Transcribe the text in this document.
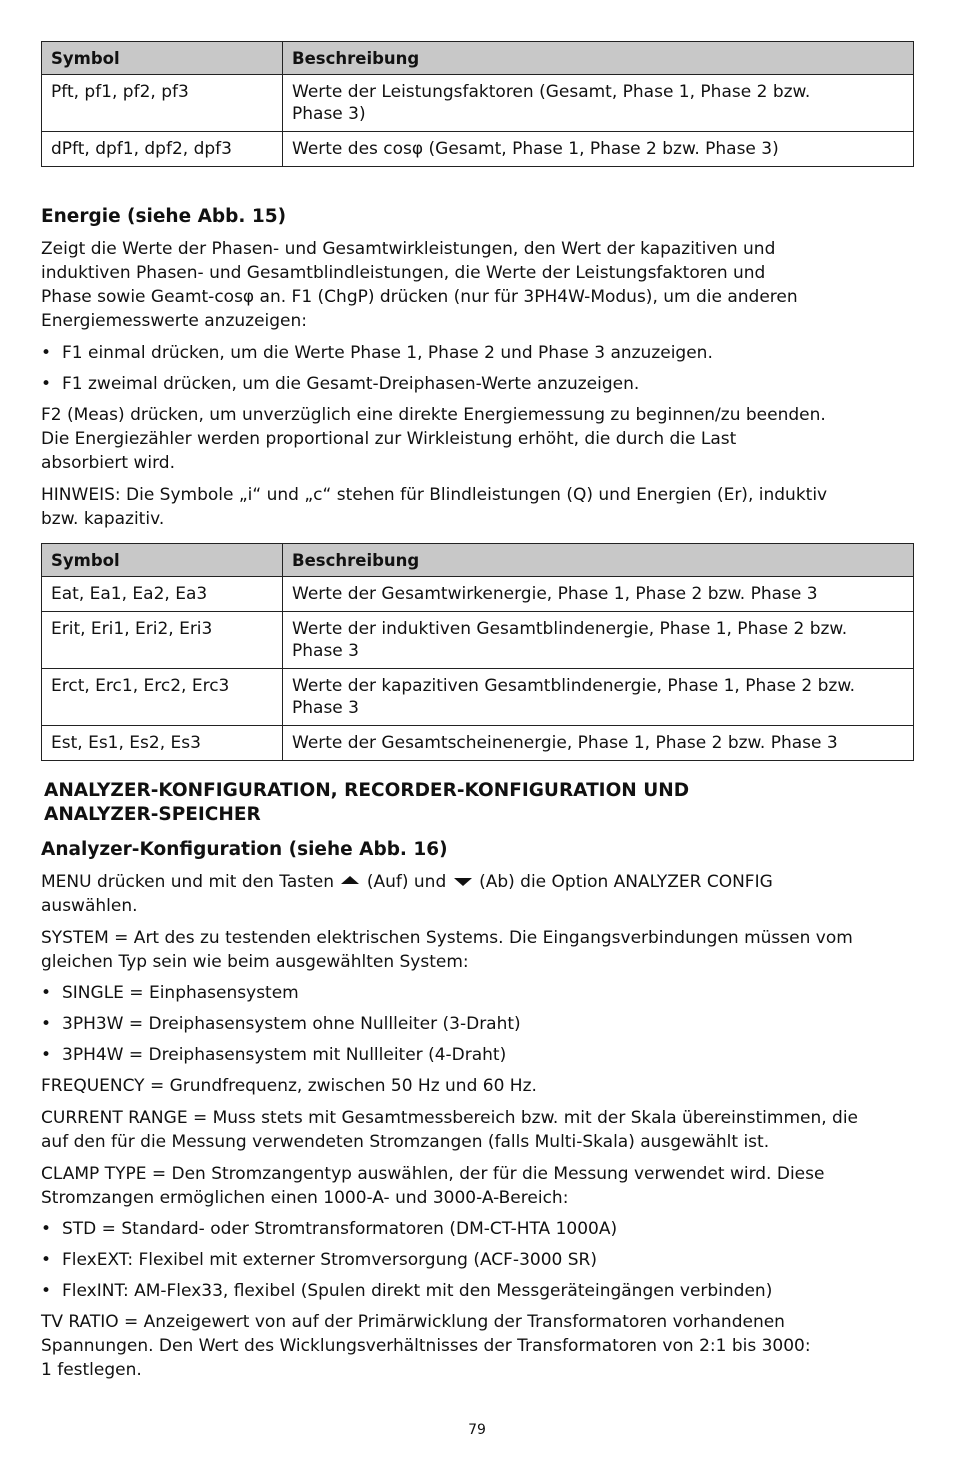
Symbol	Beschreibung
Pft, pf1, pf2, pf3	Werte der Leistungsfaktoren (Gesamt, Phase 1, Phase 2 bzw.
Phase 3)
dPft, dpf1, dpf2, dpf3	Werte des cosφ (Gesamt, Phase 1, Phase 2 bzw. Phase 3)

Energie (siehe Abb. 15)

Zeigt die Werte der Phasen- und Gesamtwirkleistungen, den Wert der kapazitiven und
induktiven Phasen- und Gesamtblindleistungen, die Werte der Leistungsfaktoren und
Phase sowie Geamt-cosφ an. F1 (ChgP) drücken (nur für 3PH4W-Modus), um die anderen
Energiemesswerte anzuzeigen:

• F1 einmal drücken, um die Werte Phase 1, Phase 2 und Phase 3 anzuzeigen.
• F1 zweimal drücken, um die Gesamt-Dreiphasen-Werte anzuzeigen.

F2 (Meas) drücken, um unverzüglich eine direkte Energiemessung zu beginnen/zu beenden.
Die Energiezähler werden proportional zur Wirkleistung erhöht, die durch die Last
absorbiert wird.

HINWEIS: Die Symbole „i“ und „c“ stehen für Blindleistungen (Q) und Energien (Er), induktiv
bzw. kapazitiv.

Symbol	Beschreibung
Eat, Ea1, Ea2, Ea3	Werte der Gesamtwirkenergie, Phase 1, Phase 2 bzw. Phase 3
Erit, Eri1, Eri2, Eri3	Werte der induktiven Gesamtblindenergie, Phase 1, Phase 2 bzw.
Phase 3
Erct, Erc1, Erc2, Erc3	Werte der kapazitiven Gesamtblindenergie, Phase 1, Phase 2 bzw.
Phase 3
Est, Es1, Es2, Es3	Werte der Gesamtscheinenergie, Phase 1, Phase 2 bzw. Phase 3

ANALYZER-KONFIGURATION, RECORDER-KONFIGURATION UND
ANALYZER-SPEICHER

Analyzer-Konfiguration (siehe Abb. 16)

MENU drücken und mit den Tasten (Auf) und (Ab) die Option ANALYZER CONFIG
auswählen.

SYSTEM = Art des zu testenden elektrischen Systems. Die Eingangsverbindungen müssen vom
gleichen Typ sein wie beim ausgewählten System:

• SINGLE = Einphasensystem
• 3PH3W = Dreiphasensystem ohne Nullleiter (3-Draht)
• 3PH4W = Dreiphasensystem mit Nullleiter (4-Draht)

FREQUENCY = Grundfrequenz, zwischen 50 Hz und 60 Hz.

CURRENT RANGE = Muss stets mit Gesamtmessbereich bzw. mit der Skala übereinstimmen, die
auf den für die Messung verwendeten Stromzangen (falls Multi-Skala) ausgewählt ist.

CLAMP TYPE = Den Stromzangentyp auswählen, der für die Messung verwendet wird. Diese
Stromzangen ermöglichen einen 1000-A- und 3000-A-Bereich:

• STD = Standard- oder Stromtransformatoren (DM-CT-HTA 1000A)
• FlexEXT: Flexibel mit externer Stromversorgung (ACF-3000 SR)
• FlexINT: AM-Flex33, flexibel (Spulen direkt mit den Messgeräteingängen verbinden)

TV RATIO = Anzeigewert von auf der Primärwicklung der Transformatoren vorhandenen
Spannungen. Den Wert des Wicklungsverhältnisses der Transformatoren von 2:1 bis 3000:
1 festlegen.

79
